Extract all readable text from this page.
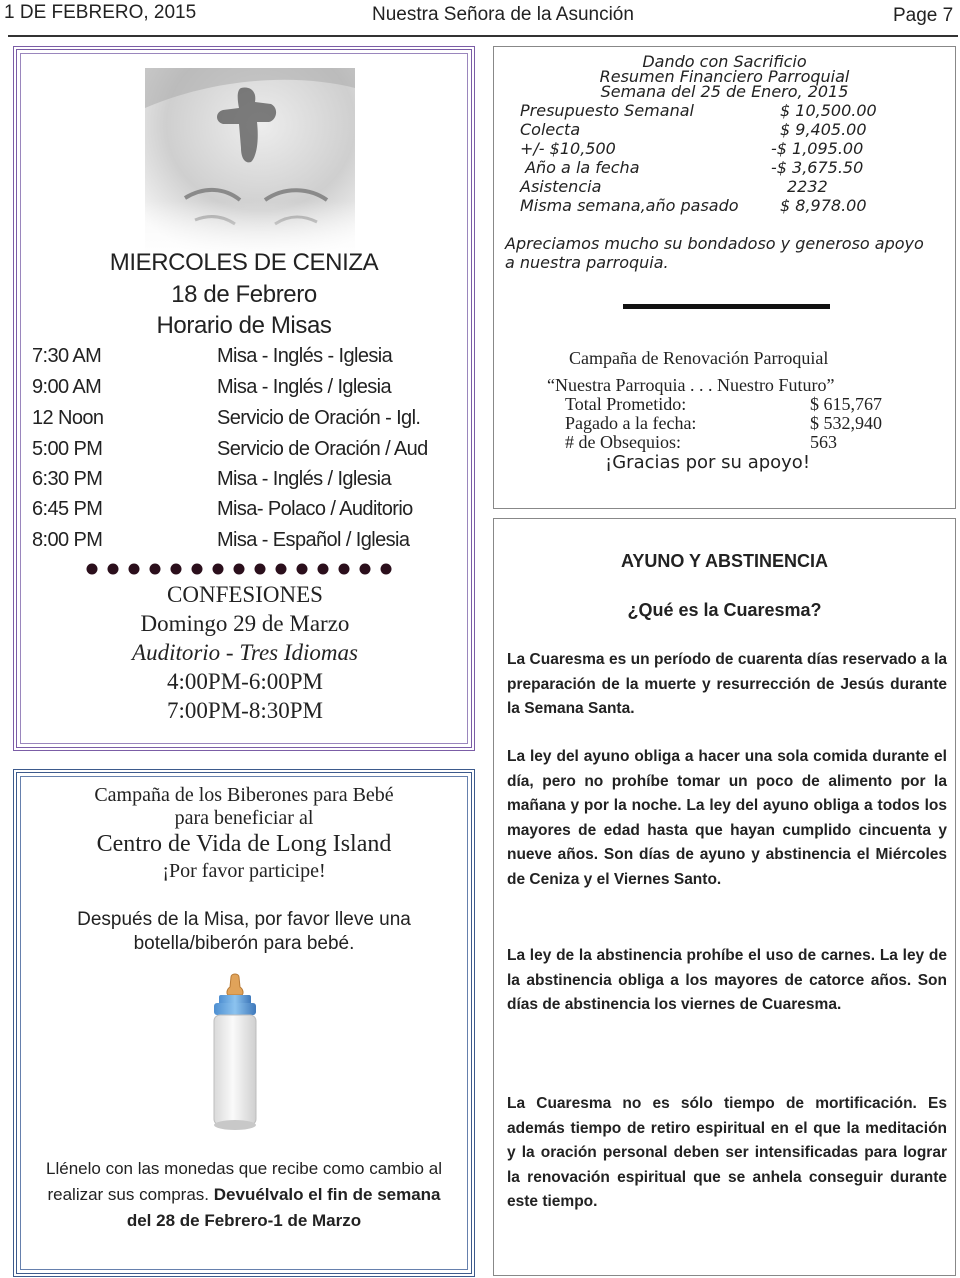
1 DE FEBRERO, 2015	Nuestra Señora de la Asunción	Page 7
MIERCOLES DE CENIZA
18 de Febrero
Horario de Misas
7:30 AM	Misa - Inglés - Iglesia
9:00 AM	Misa - Inglés / Iglesia
12 Noon	Servicio de Oración - Igl.
5:00 PM	Servicio de Oración / Aud
6:30 PM	Misa - Inglés / Iglesia
6:45 PM	Misa- Polaco / Auditorio
8:00 PM	Misa - Español / Iglesia
CONFESIONES
Domingo 29 de Marzo
Auditorio - Tres Idiomas
4:00PM-6:00PM
7:00PM-8:30PM
Dando con Sacrificio
Resumen Financiero Parroquial
Semana del 25 de Enero, 2015
Presupuesto Semanal	$ 10,500.00
Colecta	$ 9,405.00
+/- $10,500	-$ 1,095.00
Año a la fecha	-$ 3,675.50
Asistencia	2232
Misma semana,año pasado	$ 8,978.00
Apreciamos mucho su bondadoso y generoso apoyo
a nuestra parroquia.
Campaña de Renovación Parroquial
“Nuestra Parroquia . . . Nuestro Futuro”
Total Prometido:	$ 615,767
Pagado a la fecha:	$ 532,940
# de Obsequios:	563
¡Gracias por su apoyo!
AYUNO Y ABSTINENCIA
¿Qué es la Cuaresma?
La Cuaresma es un período de cuarenta días reservado a la preparación de la muerte y resurrección de Jesús durante la Semana Santa.
La ley del ayuno obliga a hacer una sola comida durante el día, pero no prohíbe tomar un poco de alimento por la mañana y por la noche. La ley del ayuno obliga a todos los mayores de edad hasta que hayan cumplido cincuenta y nueve años. Son días de ayuno y abstinencia el Miércoles de Ceniza y el Viernes Santo.
La ley de la abstinencia prohíbe el uso de carnes. La ley de la abstinencia obliga a los mayores de catorce años. Son días de abstinencia los viernes de Cuaresma.
La Cuaresma no es sólo tiempo de mortificación. Es además tiempo de retiro espiritual en el que la meditación y la oración personal deben ser intensificadas para lograr la renovación espiritual que se anhela conseguir durante este tiempo.
Campaña de los Biberones para Bebé
para beneficiar al
Centro de Vida de Long Island
¡Por favor participe!
Después de la Misa, por favor lleve una
botella/biberón para bebé.
Llénelo con las monedas que recibe como cambio al
realizar sus compras. Devuélvalo el fin de semana
del 28 de Febrero-1 de Marzo
